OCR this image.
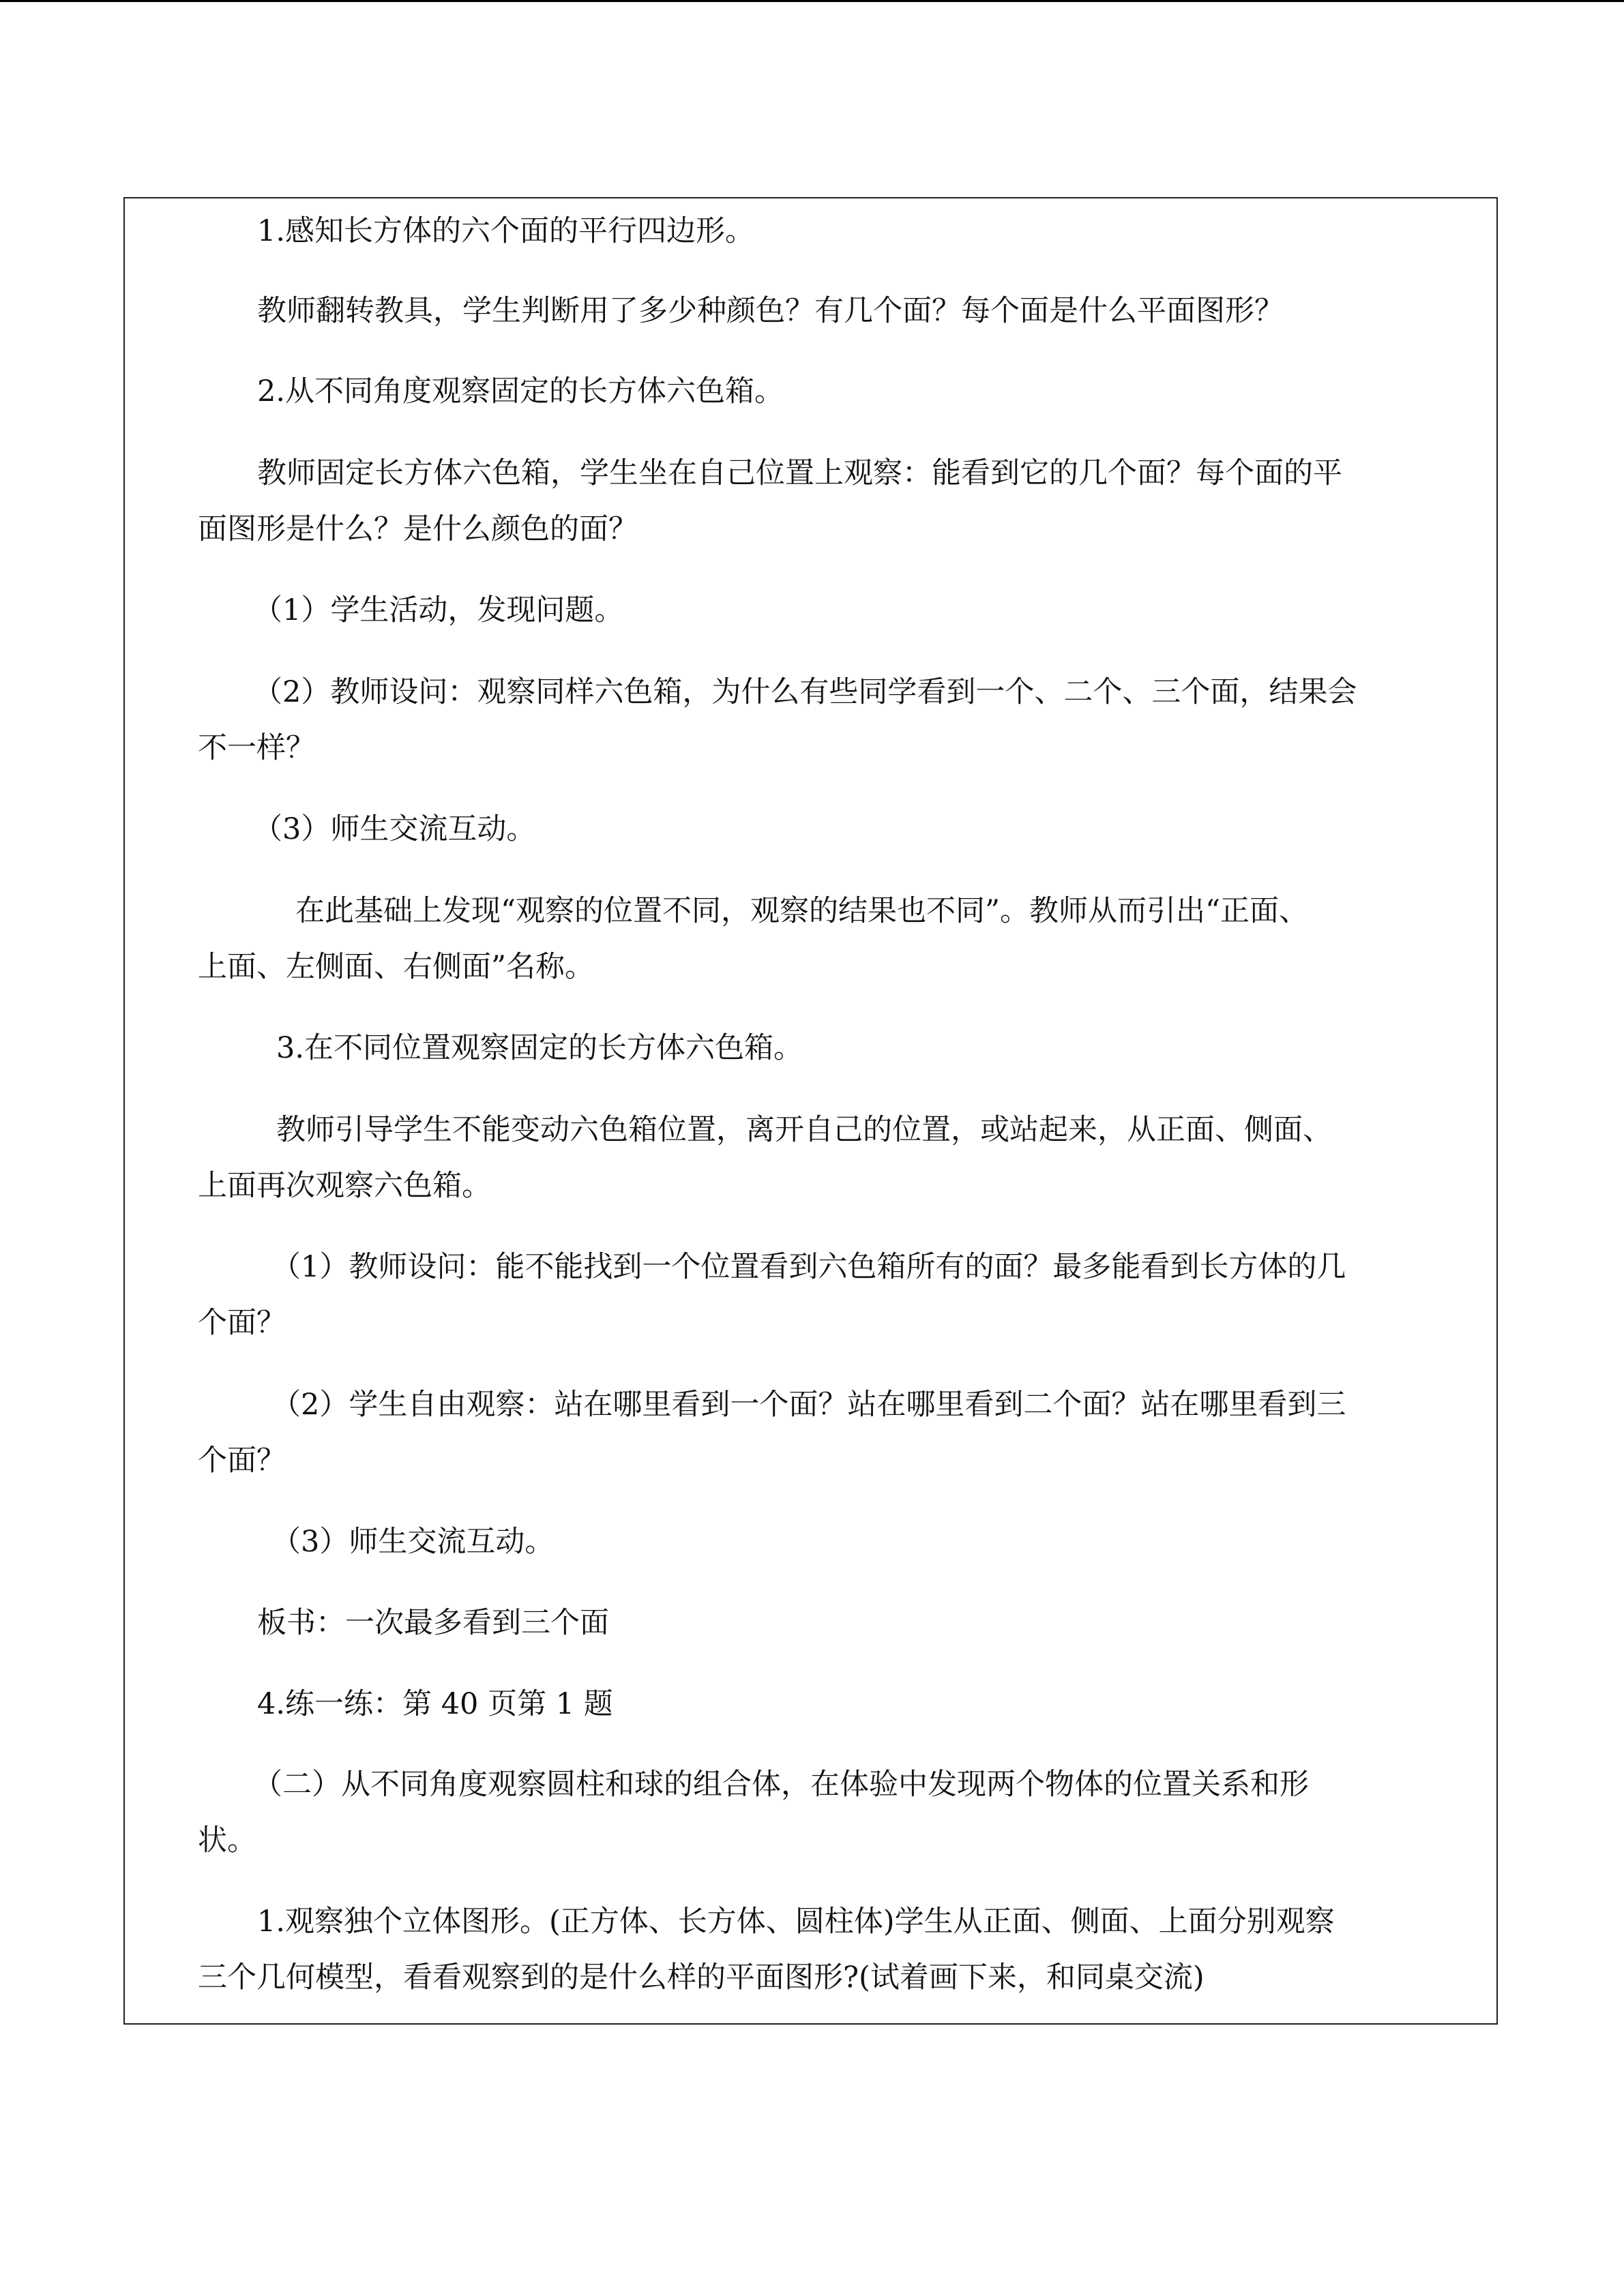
1.感知长方体的六个面的平行四边形。

教师翻转教具，学生判断用了多少种颜色？有几个面？每个面是什么平面图形？

2.从不同角度观察固定的长方体六色箱。

教师固定长方体六色箱，学生坐在自己位置上观察：能看到它的几个面？每个面的平

面图形是什么？是什么颜色的面？

（1）学生活动，发现问题。

（2）教师设问：观察同样六色箱，为什么有些同学看到一个、二个、三个面，结果会

不一样？

（3）师生交流互动。

在此基础上发现“观察的位置不同，观察的结果也不同”。教师从而引出“正面、

上面、左侧面、右侧面”名称。

3.在不同位置观察固定的长方体六色箱。

教师引导学生不能变动六色箱位置，离开自己的位置，或站起来，从正面、侧面、

上面再次观察六色箱。

（1）教师设问：能不能找到一个位置看到六色箱所有的面？最多能看到长方体的几

个面？

（2）学生自由观察：站在哪里看到一个面？站在哪里看到二个面？站在哪里看到三

个面？

（3）师生交流互动。

板书：一次最多看到三个面

4.练一练：第 40 页第 1 题

（二）从不同角度观察圆柱和球的组合体，在体验中发现两个物体的位置关系和形

状。

1.观察独个立体图形。(正方体、长方体、圆柱体)学生从正面、侧面、上面分别观察

三个几何模型，看看观察到的是什么样的平面图形?(试着画下来，和同桌交流)
